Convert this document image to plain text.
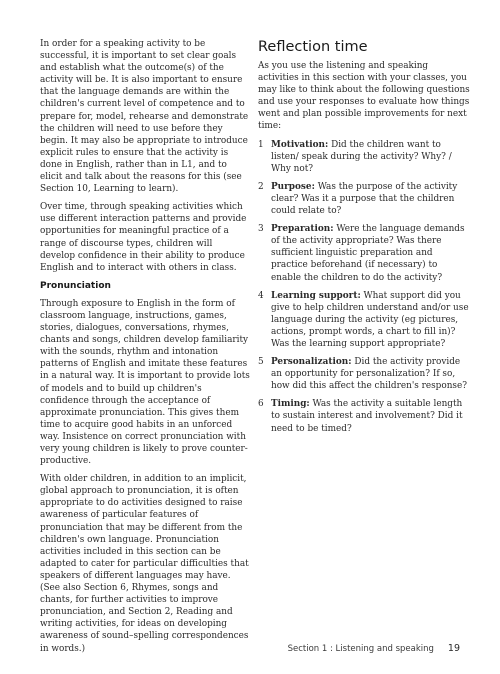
In order for a speaking activity to be successful, it is important to set clear goals and establish what the outcome(s) of the activity will be. It is also important to ensure that the language demands are within the children's current level of competence and to prepare for, model, rehearse and demonstrate the children will need to use before they begin. It may also be appropriate to introduce explicit rules to ensure that the activity is done in English, rather than in L1, and to elicit and talk about the reasons for this (see Section 10, Learning to learn).

Over time, through speaking activities which use different interaction patterns and provide opportunities for meaningful practice of a range of discourse types, children will develop confidence in their ability to produce English and to interact with others in class.

Pronunciation

Through exposure to English in the form of classroom language, instructions, games, stories, dialogues, conversations, rhymes, chants and songs, children develop familiarity with the sounds, rhythm and intonation patterns of English and imitate these features in a natural way. It is important to provide lots of models and to build up children's confidence through the acceptance of approximate pronunciation. This gives them time to acquire good habits in an unforced way. Insistence on correct pronunciation with very young children is likely to prove counter-productive.

With older children, in addition to an implicit, global approach to pronunciation, it is often appropriate to do activities designed to raise awareness of particular features of pronunciation that may be different from the children's own language. Pronunciation activities included in this section can be adapted to cater for particular difficulties that speakers of different languages may have. (See also Section 6, Rhymes, songs and chants, for further activities to improve pronunciation, and Section 2, Reading and writing activities, for ideas on developing awareness of sound–spelling correspondences in words.)

Reflection time

As you use the listening and speaking activities in this section with your classes, you may like to think about the following questions and use your responses to evaluate how things went and plan possible improvements for next time:

1 Motivation: Did the children want to listen/ speak during the activity? Why? / Why not?
2 Purpose: Was the purpose of the activity clear? Was it a purpose that the children could relate to?
3 Preparation: Were the language demands of the activity appropriate? Was there sufficient linguistic preparation and practice beforehand (if necessary) to enable the children to do the activity?
4 Learning support: What support did you give to help children understand and/or use language during the activity (eg pictures, actions, prompt words, a chart to fill in)? Was the learning support appropriate?
5 Personalization: Did the activity provide an opportunity for personalization? If so, how did this affect the children's response?
6 Timing: Was the activity a suitable length to sustain interest and involvement? Did it need to be timed?
Section 1 : Listening and speaking 19
